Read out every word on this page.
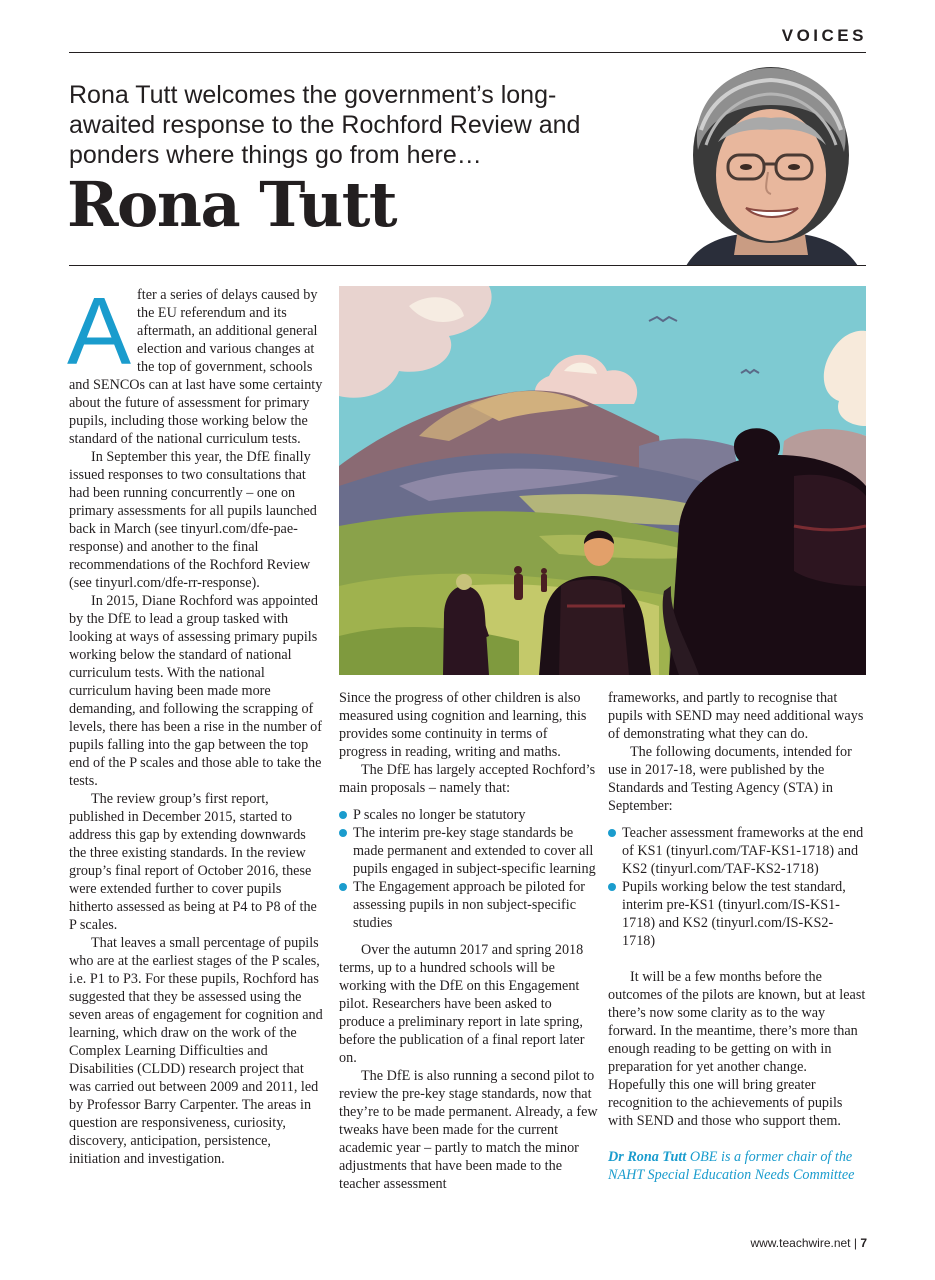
VOICES
Rona Tutt welcomes the government’s long-awaited response to the Rochford Review and ponders where things go from here…
Rona Tutt

After a series of delays caused by the EU referendum and its aftermath, an additional general election and various changes at the top of government, schools and SENCOs can at last have some certainty about the future of assessment for primary pupils, including those working below the standard of the national curriculum tests.

In September this year, the DfE finally issued responses to two consultations that had been running concurrently – one on primary assessments for all pupils launched back in March (see tinyurl.com/dfe-pae-response) and another to the final recommendations of the Rochford Review (see tinyurl.com/dfe-rr-response).

In 2015, Diane Rochford was appointed by the DfE to lead a group tasked with looking at ways of assessing primary pupils working below the standard of national curriculum tests. With the national curriculum having been made more demanding, and following the scrapping of levels, there has been a rise in the number of pupils falling into the gap between the top end of the P scales and those able to take the tests.

The review group’s first report, published in December 2015, started to address this gap by extending downwards the three existing standards. In the review group’s final report of October 2016, these were extended further to cover pupils hitherto assessed as being at P4 to P8 of the P scales.

That leaves a small percentage of pupils who are at the earliest stages of the P scales, i.e. P1 to P3. For these pupils, Rochford has suggested that they be assessed using the seven areas of engagement for cognition and learning, which draw on the work of the Complex Learning Difficulties and Disabilities (CLDD) research project that was carried out between 2009 and 2011, led by Professor Barry Carpenter. The areas in question are responsiveness, curiosity, discovery, anticipation, persistence, initiation and investigation.

Since the progress of other children is also measured using cognition and learning, this provides some continuity in terms of progress in reading, writing and maths.

The DfE has largely accepted Rochford’s main proposals – namely that:

P scales no longer be statutory
The interim pre-key stage standards be made permanent and extended to cover all pupils engaged in subject-specific learning
The Engagement approach be piloted for assessing pupils in non subject-specific studies

Over the autumn 2017 and spring 2018 terms, up to a hundred schools will be working with the DfE on this Engagement pilot. Researchers have been asked to produce a preliminary report in late spring, before the publication of a final report later on.

The DfE is also running a second pilot to review the pre-key stage standards, now that they’re to be made permanent. Already, a few tweaks have been made for the current academic year – partly to match the minor adjustments that have been made to the teacher assessment

frameworks, and partly to recognise that pupils with SEND may need additional ways of demonstrating what they can do.

The following documents, intended for use in 2017-18, were published by the Standards and Testing Agency (STA) in September:

Teacher assessment frameworks at the end of KS1 (tinyurl.com/TAF-KS1-1718) and KS2 (tinyurl.com/TAF-KS2-1718)
Pupils working below the test standard, interim pre-KS1 (tinyurl.com/IS-KS1-1718) and KS2 (tinyurl.com/IS-KS2-1718)

It will be a few months before the outcomes of the pilots are known, but at least there’s now some clarity as to the way forward. In the meantime, there’s more than enough reading to be getting on with in preparation for yet another change. Hopefully this one will bring greater recognition to the achievements of pupils with SEND and those who support them.

Dr Rona Tutt OBE is a former chair of the NAHT Special Education Needs Committee

www.teachwire.net | 7
